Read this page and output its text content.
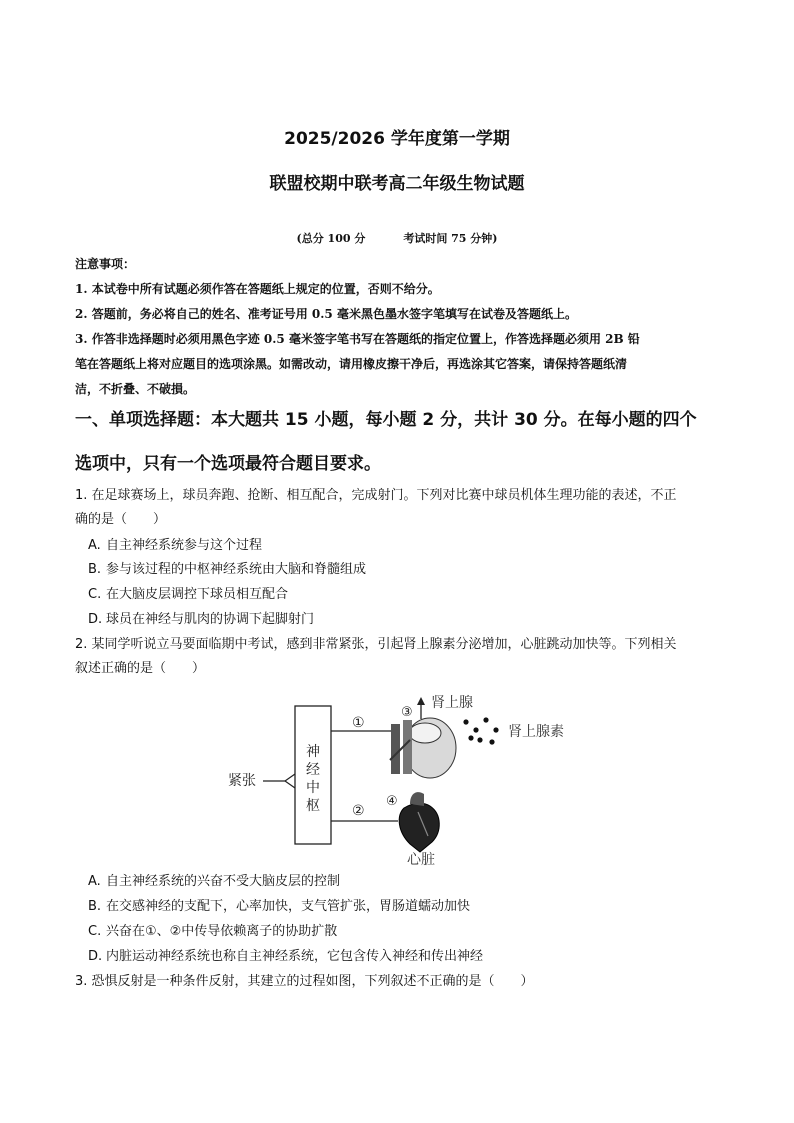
2025/2026 学年度第一学期
联盟校期中联考高二年级生物试题
(总分 100 分	考试时间 75 分钟)
注意事项：
1. 本试卷中所有试题必须作答在答题纸上规定的位置，否则不给分。
2. 答题前，务必将自己的姓名、准考证号用 0.5 毫米黑色墨水签字笔填写在试卷及答题纸上。
3. 作答非选择题时必须用黑色字迹 0.5 毫米签字笔书写在答题纸的指定位置上，作答选择题必须用 2B 铅
笔在答题纸上将对应题目的选项涂黑。如需改动，请用橡皮擦干净后，再选涂其它答案，请保持答题纸清
洁，不折叠、不破損。
一、单项选择题：本大题共 15 小题，每小题 2 分，共计 30 分。在每小题的四个
选项中，只有一个选项最符合题目要求。
1. 在足球赛场上，球员奔跑、抢断、相互配合，完成射门。下列对比赛中球员机体生理功能的表述，不正
确的是（　　）
A. 自主神经系统参与这个过程
B. 参与该过程的中枢神经系统由大脑和脊髓组成
C. 在大脑皮层调控下球员相互配合
D. 球员在神经与肌肉的协调下起脚射门
2. 某同学听说立马要面临期中考试，感到非常紧张，引起肾上腺素分泌增加，心脏跳动加快等。下列相关
叙述正确的是（　　）
紧张
神
经
中
枢
①
②
③
肾上腺
肾上腺素
④
心脏
A. 自主神经系统的兴奋不受大脑皮层的控制
B. 在交感神经的支配下，心率加快，支气管扩张，胃肠道蠕动加快
C. 兴奋在①、②中传导依赖离子的协助扩散
D. 内脏运动神经系统也称自主神经系统，它包含传入神经和传出神经
3. 恐惧反射是一种条件反射，其建立的过程如图，下列叙述不正确的是（　　）
